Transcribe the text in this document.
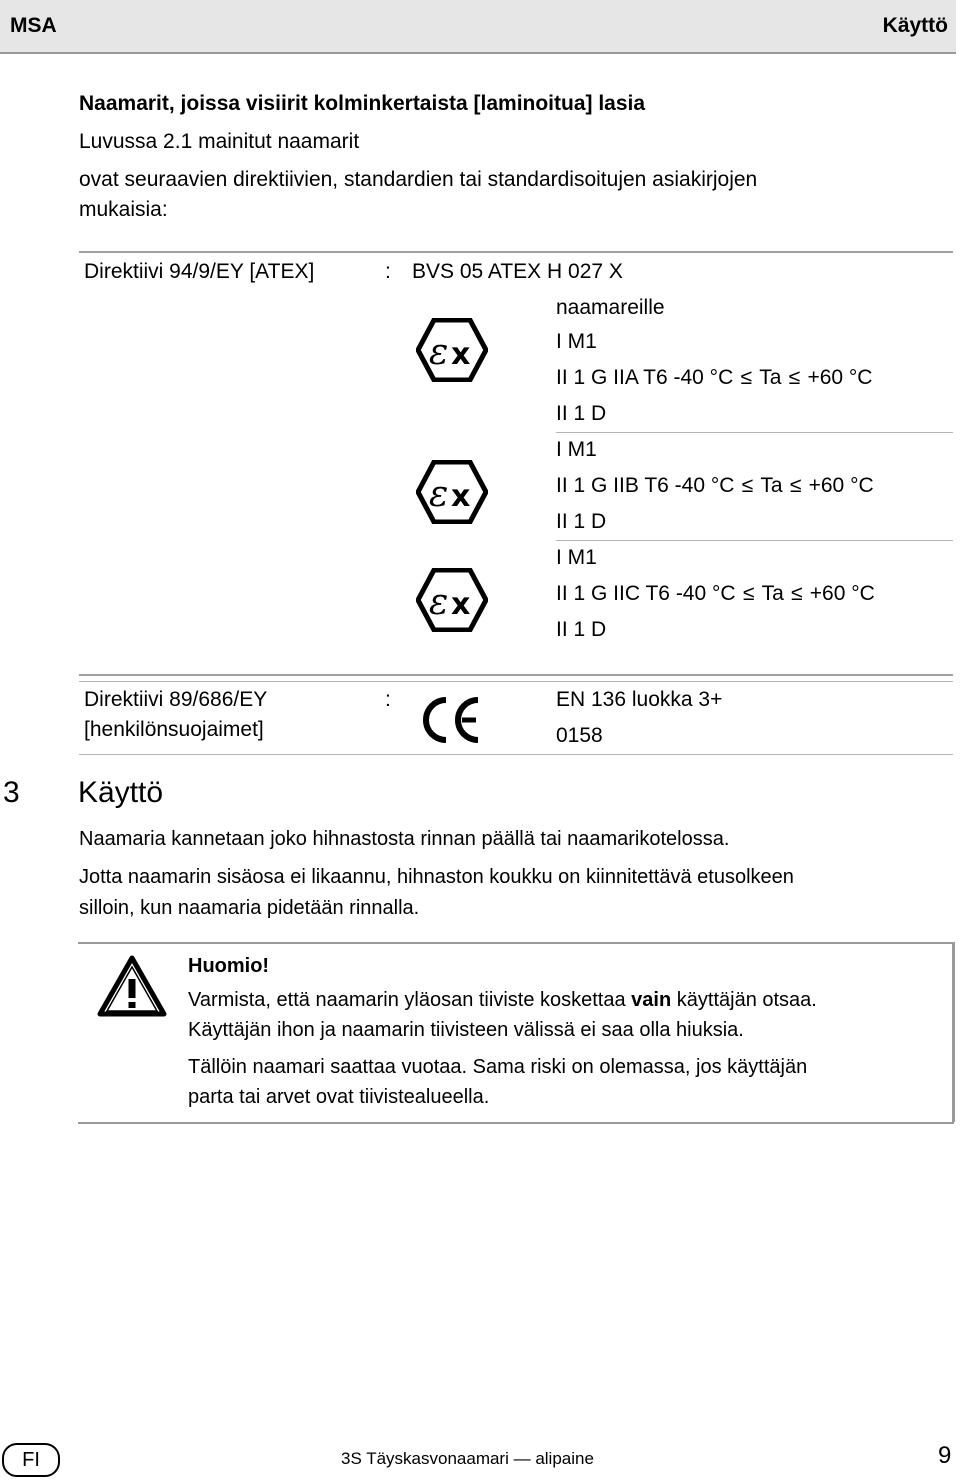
MSA	Käyttö
Naamarit, joissa visiirit kolminkertaista [laminoitua] lasia
Luvussa 2.1 mainitut naamarit
ovat seuraavien direktiivien, standardien tai standardisoitujen asiakirjojen
mukaisia:
Direktiivi 94/9/EY [ATEX]	: BVS 05 ATEX H 027 X
naamareille
ɛ x	I M1
II 1 G IIA T6 -40 °C ≤ Ta ≤ +60 °C
II 1 D
ɛ x
I M1
II 1 G IIB T6 -40 °C ≤ Ta ≤ +60 °C
II 1 D
ɛ x
I M1
II 1 G IIC T6 -40 °C ≤ Ta ≤ +60 °C
II 1 D
Direktiivi 89/686/EY
[henkilönsuojaimet]
:	EN 136 luokka 3+
0158
3 Käyttö
Naamaria kannetaan joko hihnastosta rinnan päällä tai naamarikotelossa.
Jotta naamarin sisäosa ei likaannu, hihnaston koukku on kiinnitettävä etusolkeen
silloin, kun naamaria pidetään rinnalla.
Huomio!
Varmista, että naamarin yläosan tiiviste koskettaa vain käyttäjän otsaa.
Käyttäjän ihon ja naamarin tiivisteen välissä ei saa olla hiuksia.
Tällöin naamari saattaa vuotaa. Sama riski on olemassa, jos käyttäjän
parta tai arvet ovat tiivistealueella.
FI	3S Täyskasvonaamari — alipaine	9
